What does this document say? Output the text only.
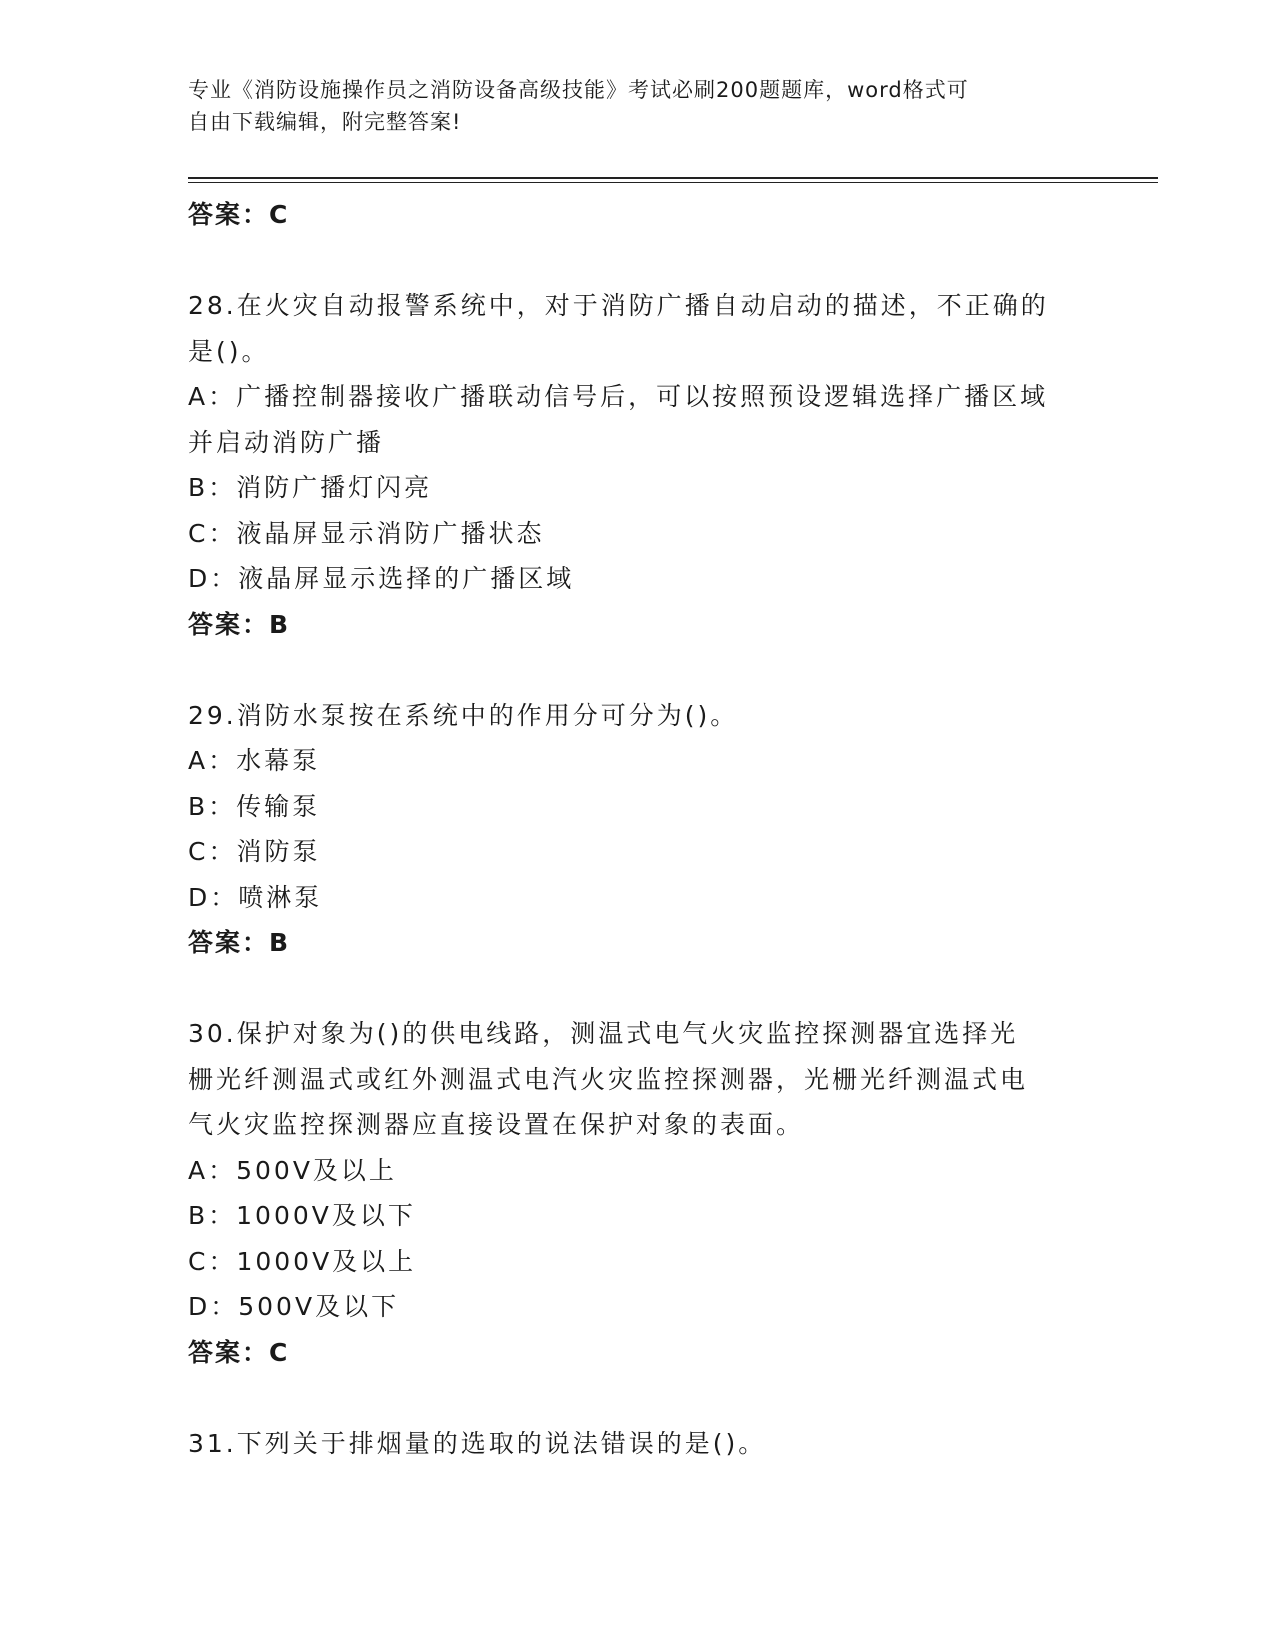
专业《消防设施操作员之消防设备高级技能》考试必刷200题题库，word格式可
自由下载编辑，附完整答案!
答案：C
28.在火灾自动报警系统中，对于消防广播自动启动的描述，不正确的
是()。
A：广播控制器接收广播联动信号后，可以按照预设逻辑选择广播区域
并启动消防广播
B：消防广播灯闪亮
C：液晶屏显示消防广播状态
D：液晶屏显示选择的广播区域
答案：B
29.消防水泵按在系统中的作用分可分为()。
A：水幕泵
B：传输泵
C：消防泵
D：喷淋泵
答案：B
30.保护对象为()的供电线路，测温式电气火灾监控探测器宜选择光
栅光纤测温式或红外测温式电汽火灾监控探测器，光栅光纤测温式电
气火灾监控探测器应直接设置在保护对象的表面。
A：500V及以上
B：1000V及以下
C：1000V及以上
D：500V及以下
答案：C
31.下列关于排烟量的选取的说法错误的是()。
